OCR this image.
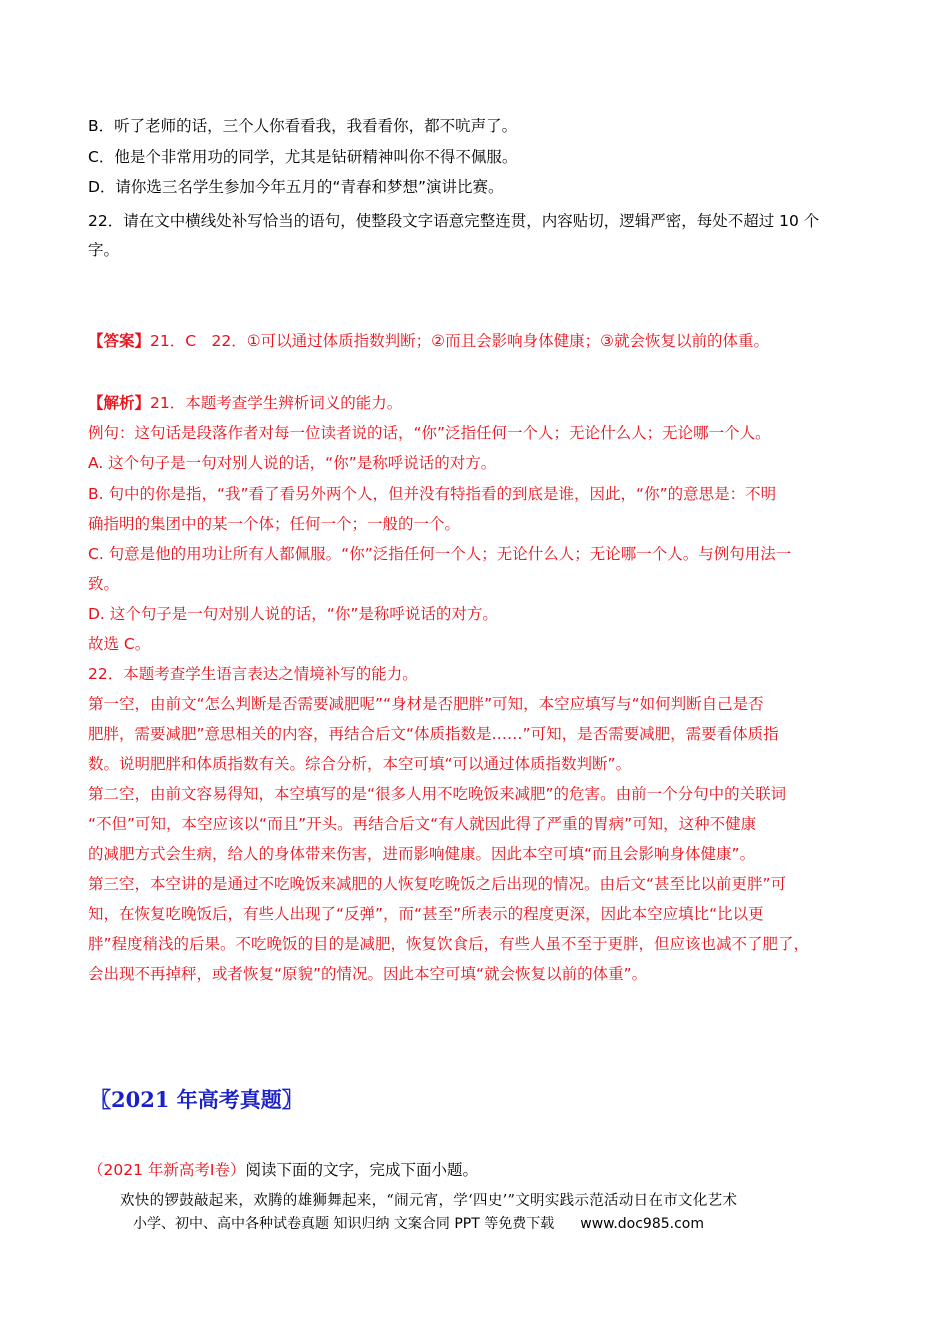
B．听了老师的话，三个人你看看我，我看看你，都不吭声了。
C．他是个非常用功的同学，尤其是钻研精神叫你不得不佩服。
D．请你选三名学生参加今年五月的“青春和梦想”演讲比赛。
22．请在文中横线处补写恰当的语句，使整段文字语意完整连贯，内容贴切，逻辑严密，每处不超过 10 个
字。
【答案】21．C　22．①可以通过体质指数判断；②而且会影响身体健康；③就会恢复以前的体重。
【解析】21．本题考查学生辨析词义的能力。
例句：这句话是段落作者对每一位读者说的话，“你”泛指任何一个人；无论什么人；无论哪一个人。
A. 这个句子是一句对别人说的话，“你”是称呼说话的对方。
B. 句中的你是指，“我”看了看另外两个人，但并没有特指看的到底是谁，因此，“你”的意思是：不明
确指明的集团中的某一个体；任何一个；一般的一个。
C. 句意是他的用功让所有人都佩服。“你”泛指任何一个人；无论什么人；无论哪一个人。与例句用法一
致。
D. 这个句子是一句对别人说的话，“你”是称呼说话的对方。
故选 C。
22．本题考查学生语言表达之情境补写的能力。
第一空，由前文“怎么判断是否需要减肥呢”“身材是否肥胖”可知，本空应填写与“如何判断自己是否
肥胖，需要减肥”意思相关的内容，再结合后文“体质指数是……”可知，是否需要减肥，需要看体质指
数。说明肥胖和体质指数有关。综合分析，本空可填“可以通过体质指数判断”。
第二空，由前文容易得知，本空填写的是“很多人用不吃晚饭来减肥”的危害。由前一个分句中的关联词
“不但”可知，本空应该以“而且”开头。再结合后文“有人就因此得了严重的胃病”可知，这种不健康
的减肥方式会生病，给人的身体带来伤害，进而影响健康。因此本空可填“而且会影响身体健康”。
第三空，本空讲的是通过不吃晚饭来减肥的人恢复吃晚饭之后出现的情况。由后文“甚至比以前更胖”可
知，在恢复吃晚饭后，有些人出现了“反弹”，而“甚至”所表示的程度更深，因此本空应填比“比以更
胖”程度稍浅的后果。不吃晚饭的目的是减肥，恢复饮食后，有些人虽不至于更胖，但应该也减不了肥了，
会出现不再掉秤，或者恢复“原貌”的情况。因此本空可填“就会恢复以前的体重”。
〖2021 年高考真题〗
（2021 年新高考Ⅰ卷）阅读下面的文字，完成下面小题。
欢快的锣鼓敲起来，欢腾的雄狮舞起来，“闹元宵，学‘四史’”文明实践示范活动日在市文化艺术
小学、初中、高中各种试卷真题 知识归纳 文案合同 PPT 等免费下载 www.doc985.com
